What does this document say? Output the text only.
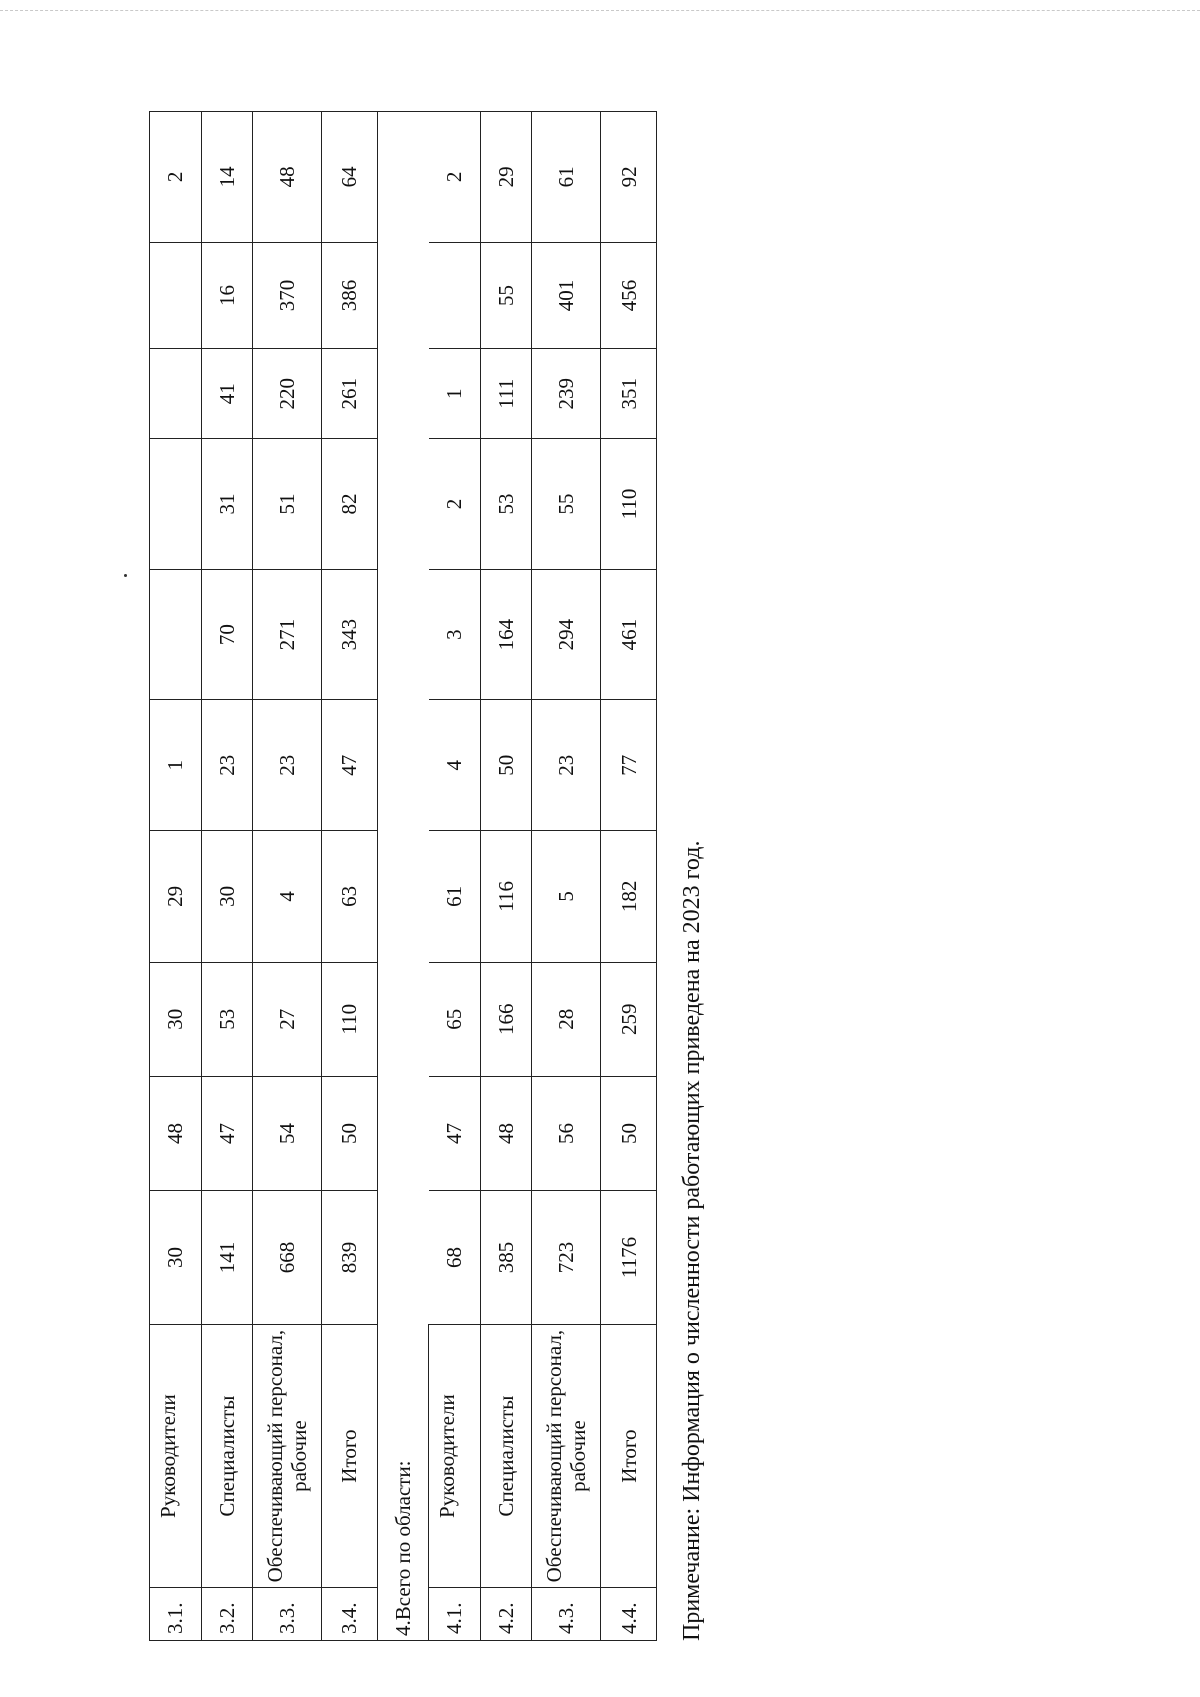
3.1.	Руководители	30	48	30	29	1					2
3.2.	Специалисты	141	47	53	30	23	70	31	41	16	14
3.3.	Обеспечивающий персонал, рабочие	668	54	27	4	23	271	51	220	370	48
3.4.	Итого	839	50	110	63	47	343	82	261	386	64
4.Всего по области:											
4.1.	Руководители	68	47	65	61	4	3	2	1		2
4.2.	Специалисты	385	48	166	116	50	164	53	111	55	29
4.3.	Обеспечивающий персонал, рабочие	723	56	28	5	23	294	55	239	401	61
4.4.	Итого	1176	50	259	182	77	461	110	351	456	92
Примечание: Информация о численности работающих приведена на 2023 год.
